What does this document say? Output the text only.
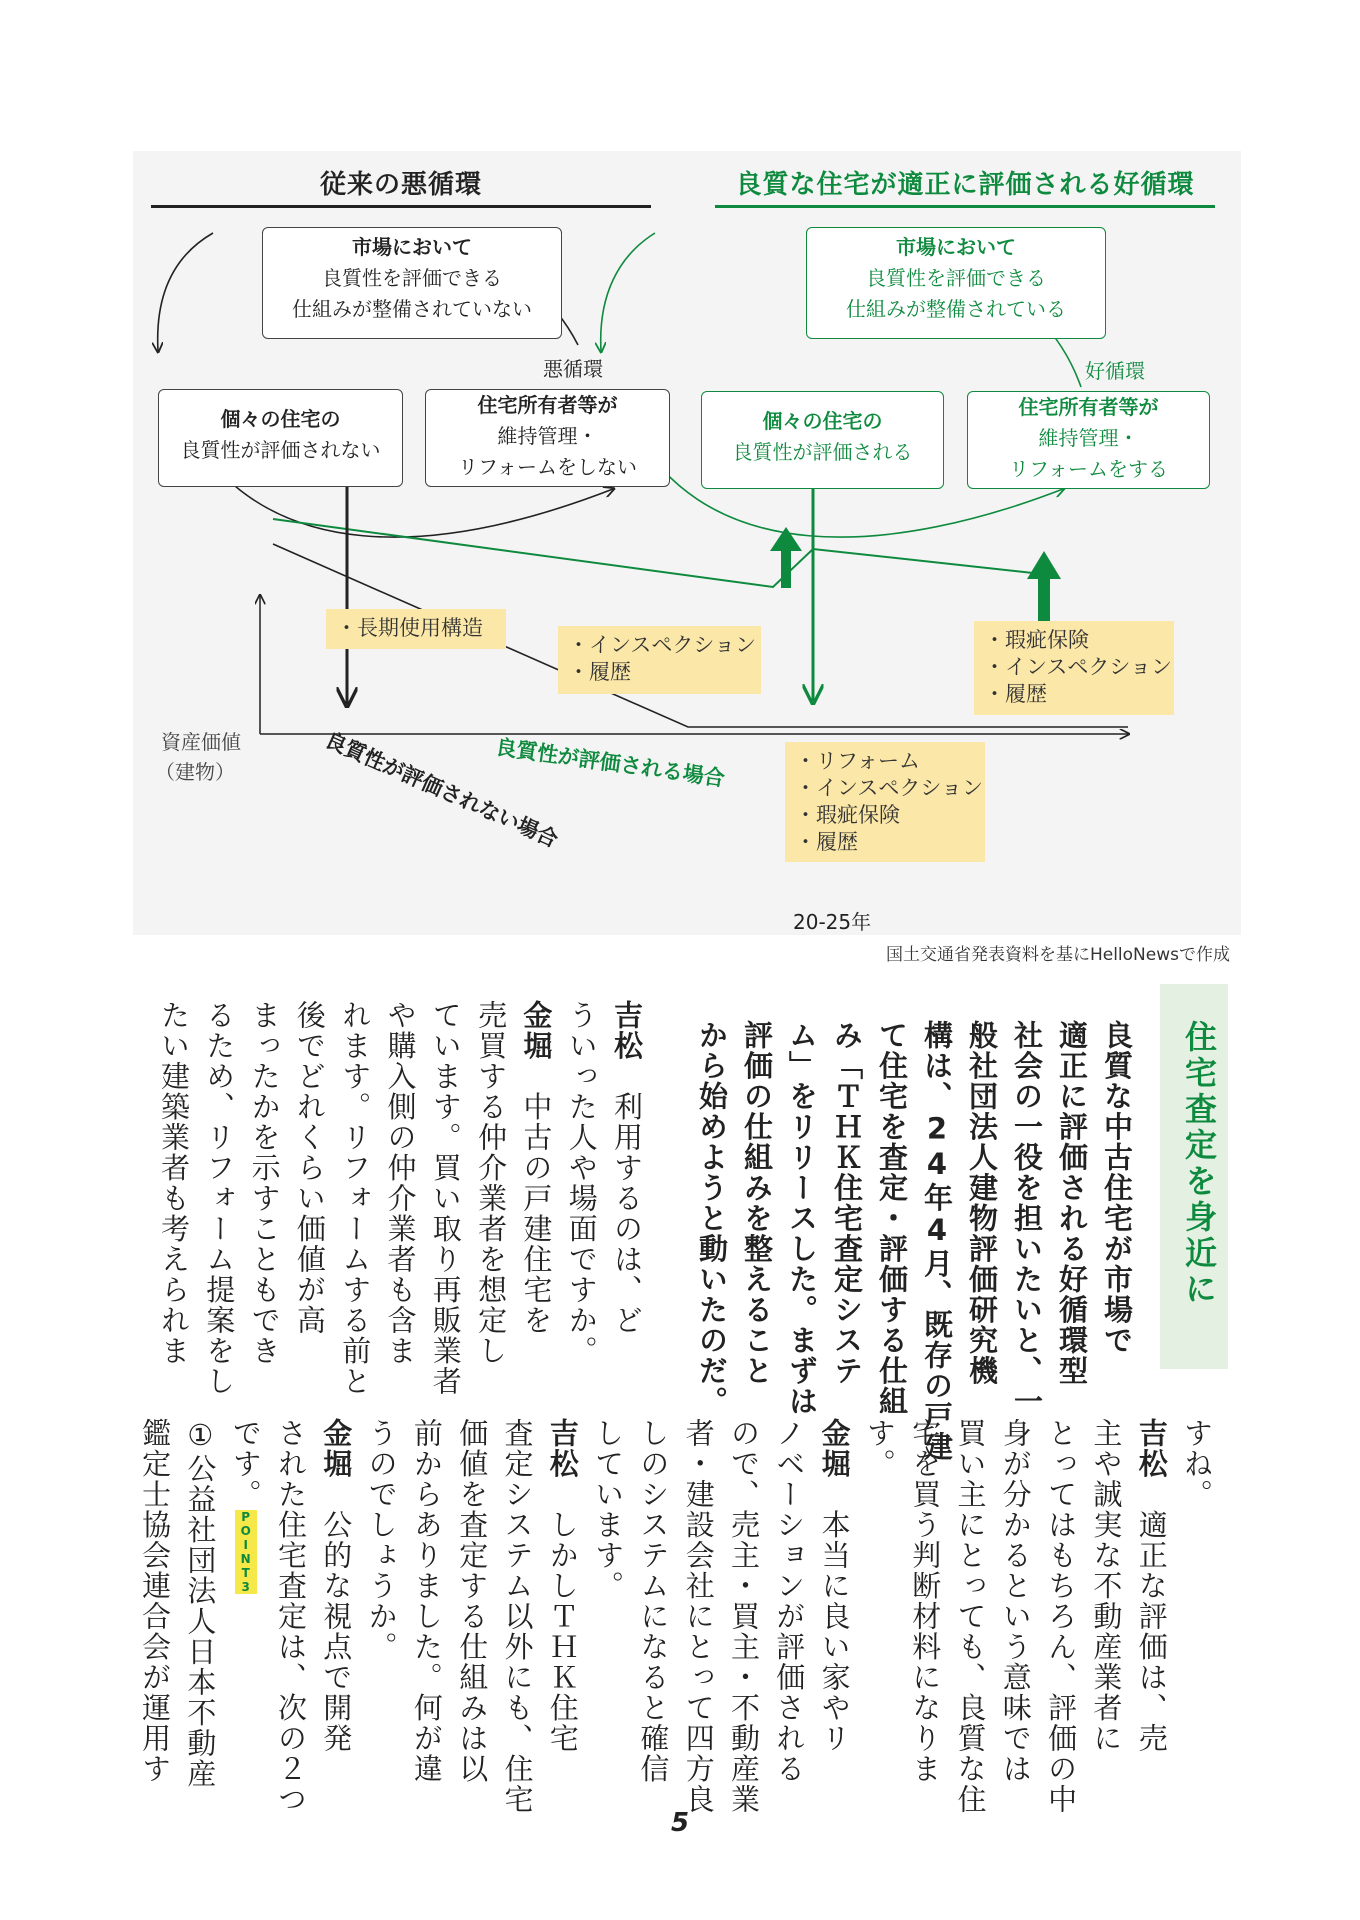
従来の悪循環	良質な住宅が適正に評価される好循環
市場において
良質性を評価できる
仕組みが整備されていない
個々の住宅の
良質性が評価されない
住宅所有者等が
維持管理・
リフォームをしない
悪循環
市場において
良質性を評価できる
仕組みが整備されている
個々の住宅の
良質性が評価される
住宅所有者等が
維持管理・
リフォームをする
好循環
資産価値
（建物）
20-25年
良質性が評価される場合
良質性が評価されない場合
・長期使用構造
・インスペクション
・履歴
・瑕疵保険
・インスペクション
・履歴
・リフォーム
・インスペクション
・瑕疵保険
・履歴
国土交通省発表資料を基にHelloNewsで作成
住宅査定を身近に
良質な中古住宅が市場で
適正に評価される好循環型
社会の一役を担いたいと、一
般社団法人建物評価研究機
構は、24年4月、既存の戸建
て住宅を査定・評価する仕組
み「ＴＨＫ住宅査定システ
ム」をリリースした。まずは
評価の仕組みを整えること
から始めようと動いたのだ。
吉松　利用するのは、ど
ういった人や場面ですか。
金堀　中古の戸建住宅を
売買する仲介業者を想定し
ています。買い取り再販業者
や購入側の仲介業者も含ま
れます。リフォームする前と
後でどれくらい価値が高
まったかを示すこともでき
るため、リフォーム提案をし
たい建築業者も考えられま
すね。
吉松　適正な評価は、売
主や誠実な不動産業者に
とってはもちろん、評価の中
身が分かるという意味では
買い主にとっても、良質な住
宅を買う判断材料になりま
す。
金堀　本当に良い家やリ
ノベーションが評価される
ので、売主・買主・不動産業
者・建設会社にとって四方良
しのシステムになると確信
しています。
吉松　しかしＴＨＫ住宅
査定システム以外にも、住宅
価値を査定する仕組みは以
前からありました。何が違
うのでしょうか。
金堀　公的な視点で開発
された住宅査定は、次の２つ
です。POINT3
①公益社団法人日本不動産
鑑定士協会連合会が運用す
5
